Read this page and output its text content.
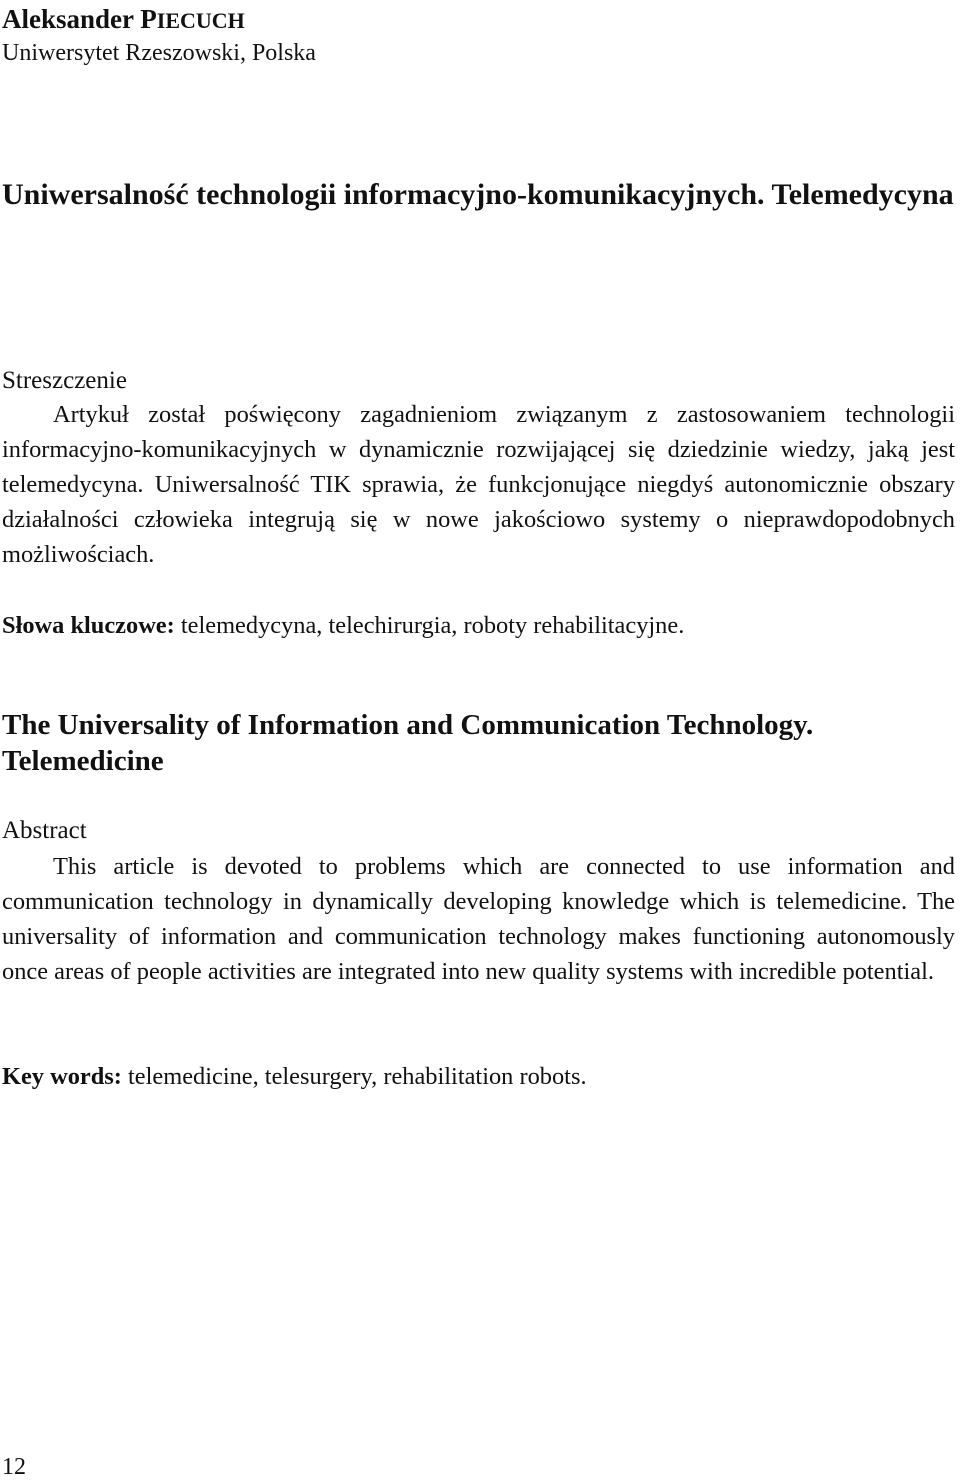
Aleksander PIECUCH
Uniwersytet Rzeszowski, Polska
Uniwersalność technologii informacyjno-komunikacyjnych. Telemedycyna
Streszczenie
Artykuł został poświęcony zagadnieniom związanym z zastosowaniem technologii informacyjno-komunikacyjnych w dynamicznie rozwijającej się dziedzinie wiedzy, jaką jest telemedycyna. Uniwersalność TIK sprawia, że funkcjonujące niegdyś autonomicznie obszary działalności człowieka integrują się w nowe jakościowo systemy o nieprawdopodobnych możliwościach.
Słowa kluczowe: telemedycyna, telechirurgia, roboty rehabilitacyjne.
The Universality of Information and Communication Technology. Telemedicine
Abstract
This article is devoted to problems which are connected to use information and communication technology in dynamically developing knowledge which is telemedicine. The universality of information and communication technology makes functioning autonomously once areas of people activities are integrated into new quality systems with incredible potential.
Key words: telemedicine, telesurgery, rehabilitation robots.
12
